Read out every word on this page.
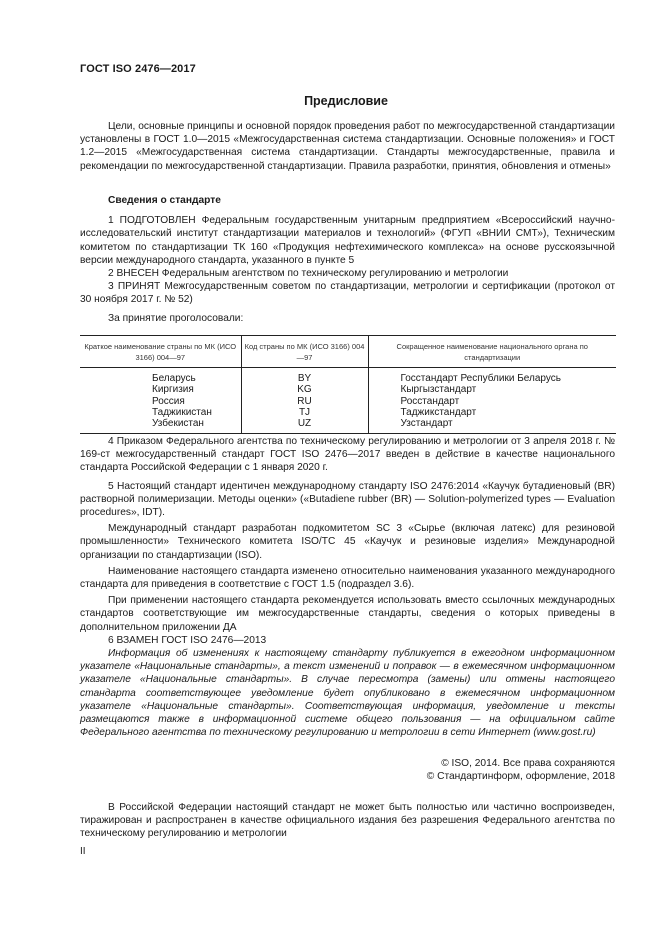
ГОСТ ISO 2476—2017
Предисловие

Цели, основные принципы и основной порядок проведения работ по межгосударственной стандартизации установлены в ГОСТ 1.0—2015 «Межгосударственная система стандартизации. Основные положения» и ГОСТ 1.2—2015 «Межгосударственная система стандартизации. Стандарты межгосударственные, правила и рекомендации по межгосударственной стандартизации. Правила разработки, принятия, обновления и отмены»

Сведения о стандарте

1 ПОДГОТОВЛЕН Федеральным государственным унитарным предприятием «Всероссийский научно-исследовательский институт стандартизации материалов и технологий» (ФГУП «ВНИИ СМТ»), Техническим комитетом по стандартизации ТК 160 «Продукция нефтехимического комплекса» на основе русскоязычной версии международного стандарта, указанного в пункте 5

2 ВНЕСЕН Федеральным агентством по техническому регулированию и метрологии

3 ПРИНЯТ Межгосударственным советом по стандартизации, метрологии и сертификации (протокол от 30 ноября 2017 г. № 52)

За принятие проголосовали:

Краткое наименование страны по МК (ИСО 3166) 004—97	Код страны по МК (ИСО 3166) 004—97	Сокращенное наименование национального органа по стандартизации
Беларусь	BY	Госстандарт Республики Беларусь
Киргизия	KG	Кыргызстандарт
Россия	RU	Росстандарт
Таджикистан	TJ	Таджикстандарт
Узбекистан	UZ	Узстандарт

4 Приказом Федерального агентства по техническому регулированию и метрологии от 3 апреля 2018 г. № 169-ст межгосударственный стандарт ГОСТ ISO 2476—2017 введен в действие в качестве национального стандарта Российской Федерации с 1 января 2020 г.

5 Настоящий стандарт идентичен международному стандарту ISO 2476:2014 «Каучук бутадиеновый (BR) растворной полимеризации. Методы оценки» («Butadiene rubber (BR) — Solution-polymerized types — Evaluation procedures», IDT).

Международный стандарт разработан подкомитетом SC 3 «Сырье (включая латекс) для резиновой промышленности» Технического комитета ISO/TC 45 «Каучук и резиновые изделия» Международной организации по стандартизации (ISO).

Наименование настоящего стандарта изменено относительно наименования указанного международного стандарта для приведения в соответствие с ГОСТ 1.5 (подраздел 3.6).

При применении настоящего стандарта рекомендуется использовать вместо ссылочных международных стандартов соответствующие им межгосударственные стандарты, сведения о которых приведены в дополнительном приложении ДА

6 ВЗАМЕН ГОСТ ISO 2476—2013

Информация об изменениях к настоящему стандарту публикуется в ежегодном информационном указателе «Национальные стандарты», а текст изменений и поправок — в ежемесячном информационном указателе «Национальные стандарты». В случае пересмотра (замены) или отмены настоящего стандарта соответствующее уведомление будет опубликовано в ежемесячном информационном указателе «Национальные стандарты». Соответствующая информация, уведомление и тексты размещаются также в информационной системе общего пользования — на официальном сайте Федерального агентства по техническому регулированию и метрологии в сети Интернет (www.gost.ru)

© ISO, 2014. Все права сохраняются
© Стандартинформ, оформление, 2018

В Российской Федерации настоящий стандарт не может быть полностью или частично воспроизведен, тиражирован и распространен в качестве официального издания без разрешения Федерального агентства по техническому регулированию и метрологии

II
